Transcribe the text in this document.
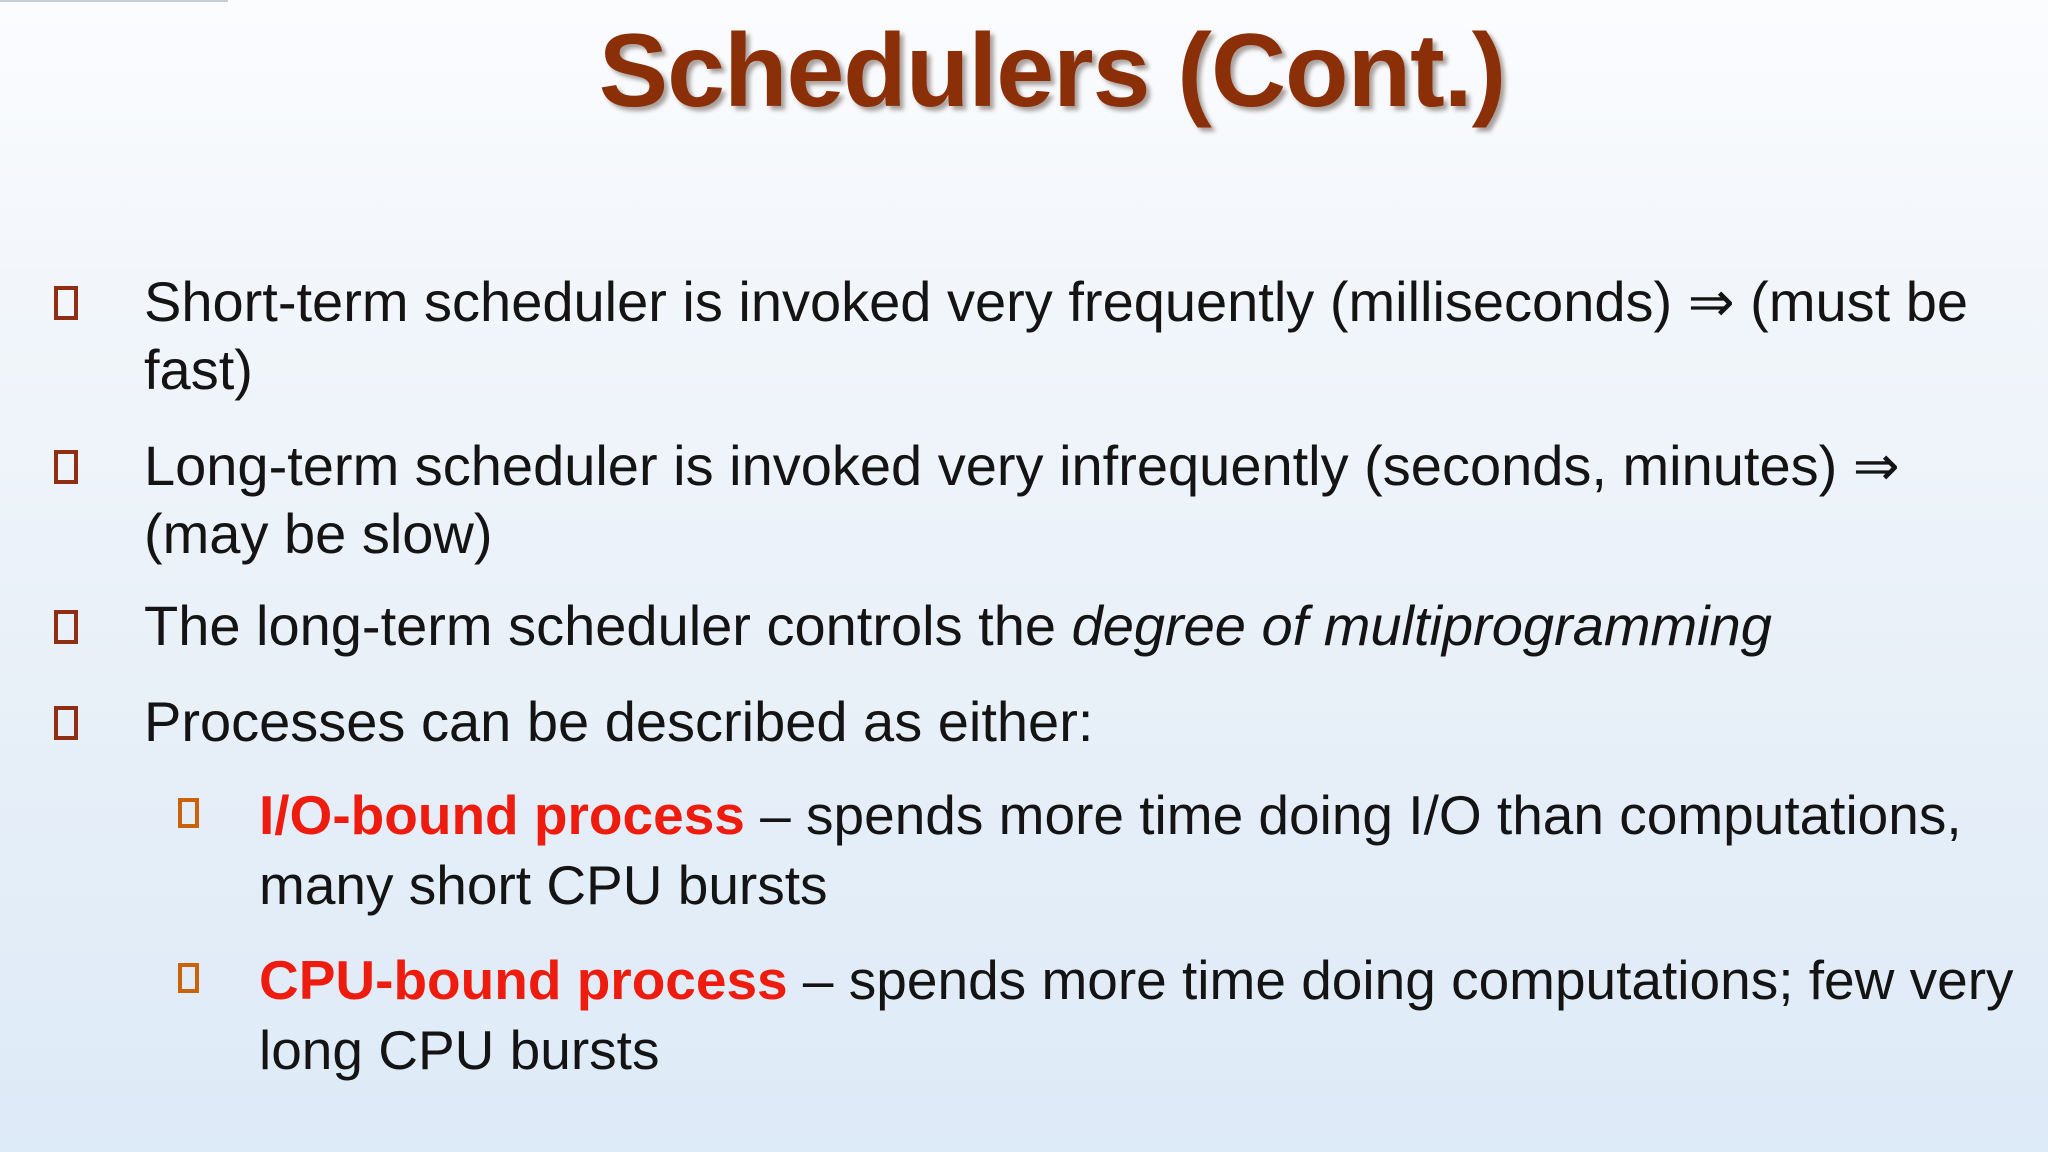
Schedulers (Cont.)
Short-term scheduler is invoked very frequently (milliseconds) ⇒ (must be fast)
Long-term scheduler is invoked very infrequently (seconds, minutes) ⇒ (may be slow)
The long-term scheduler controls the degree of multiprogramming
Processes can be described as either:
I/O-bound process – spends more time doing I/O than computations, many short CPU bursts
CPU-bound process – spends more time doing computations; few very long CPU bursts
